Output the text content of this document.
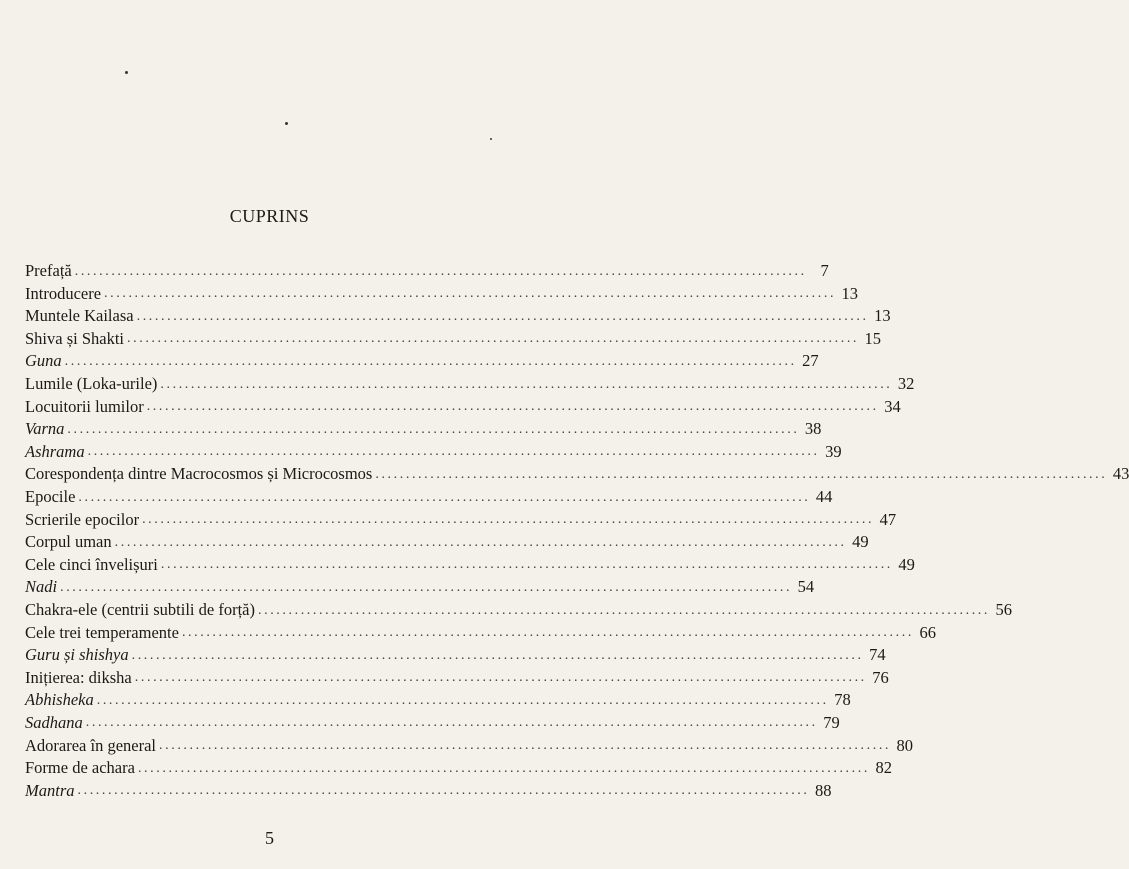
CUPRINS
Prefață ........................................................................................................................ 7
Introducere ........................................................................................................................ 13
Muntele Kailasa ........................................................................................................................ 13
Shiva și Shakti ........................................................................................................................ 15
Guna ........................................................................................................................ 27
Lumile (Loka-urile) ........................................................................................................................ 32
Locuitorii lumilor ........................................................................................................................ 34
Varna ........................................................................................................................ 38
Ashrama ........................................................................................................................ 39
Corespondența dintre Macrocosmos și Microcosmos ........................................................................................................................ 43
Epocile ........................................................................................................................ 44
Scrierile epocilor ........................................................................................................................ 47
Corpul uman ........................................................................................................................ 49
Cele cinci învelișuri ........................................................................................................................ 49
Nadi ........................................................................................................................ 54
Chakra-ele (centrii subtili de forță) ........................................................................................................................ 56
Cele trei temperamente ........................................................................................................................ 66
Guru și shishya ........................................................................................................................ 74
Inițierea: diksha ........................................................................................................................ 76
Abhisheka ........................................................................................................................ 78
Sadhana ........................................................................................................................ 79
Adorarea în general ........................................................................................................................ 80
Forme de achara ........................................................................................................................ 82
Mantra ........................................................................................................................ 88
5
